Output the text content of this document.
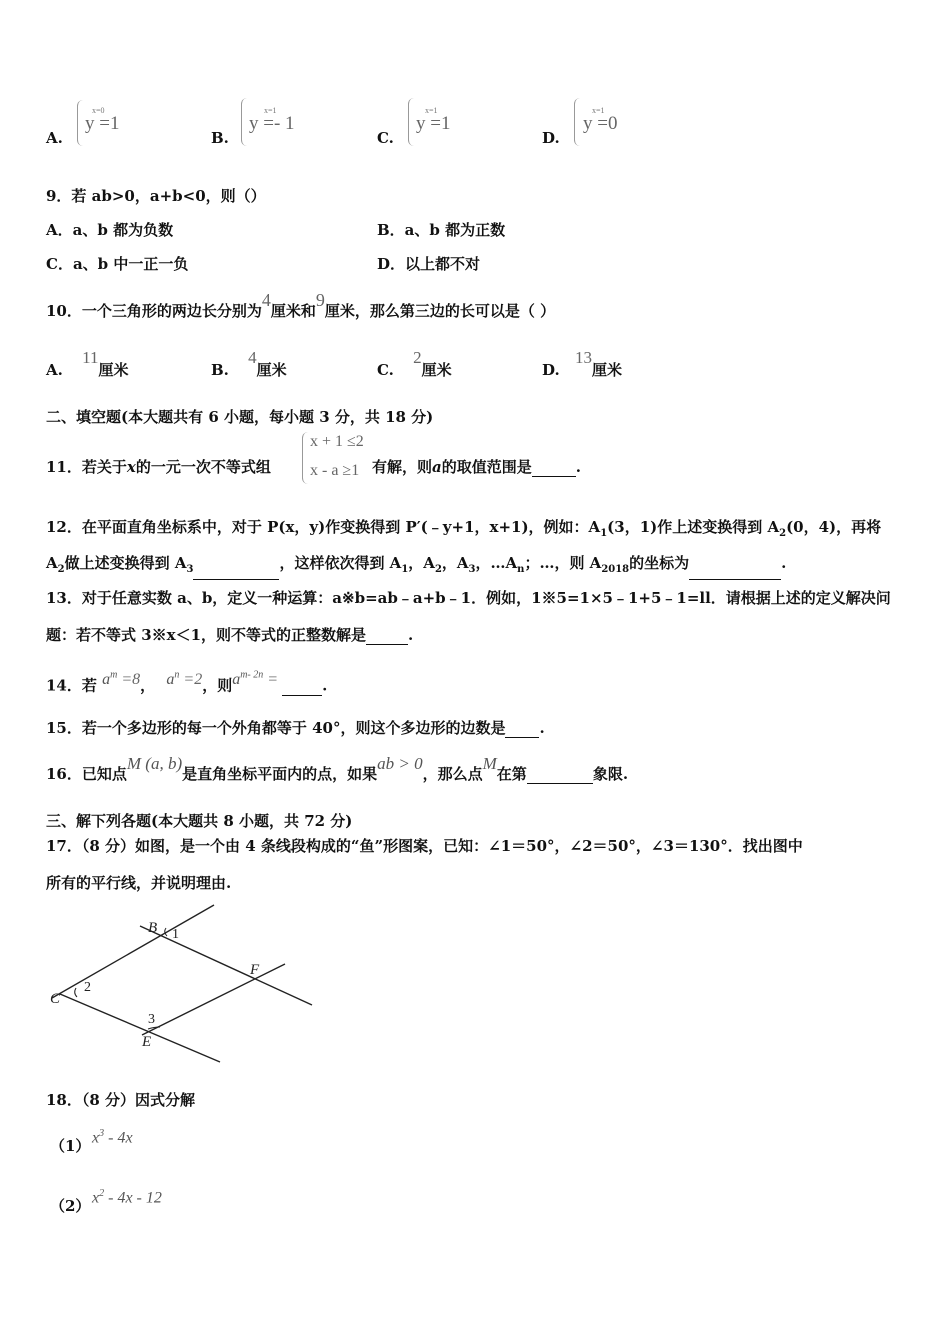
A.
x=0
y =1
B.
x=1
y =- 1
C.
x=1
y =1
D.
x=1
y =0
9．若 ab>0，a+b<0，则（）
A．a、b 都为负数	B．a、b 都为正数
C．a、b 中一正一负	D．以上都不对
10．一个三角形的两边长分别为4厘米和9厘米，那么第三边的长可以是（ ）
A. 11厘米	B. 4厘米	C. 2厘米	D. 13厘米
二、填空题(本大题共有 6 小题，每小题 3 分，共 18 分)
11．若关于x的一元一次不等式组
x + 1 ≤2
x - a ≥1 有解，则a的取值范围是	.
12．在平面直角坐标系中，对于 P(x，y)作变换得到 P′(﹣y+1，x+1)，例如：$A_1(3$，1)作上述变换得到 $A_2(0$，4)，再将
$A_2$做上述变换得到 $A_3$	，这样依次得到 $A_1$，$A_2$，$A_3$，$\dots A_n$；…，则 $A_{2018}$的坐标为	.
13．对于任意实数 a、b，定义一种运算：a※b=ab﹣a+b﹣1．例如，1※5=1×5﹣1+5﹣1=ll．请根据上述的定义解决问
题：若不等式 3※x＜1，则不等式的正整数解是	.
14．若 $a^m =8$， $a^n =2$，则$a^{m- 2n}$ =	.
15．若一个多边形的每一个外角都等于 40°，则这个多边形的边数是 .
16．已知点M (a, b)是直角坐标平面内的点，如果ab > 0，那么点M在第	象限.
三、解下列各题(本大题共 8 小题，共 72 分)
17．（8 分）如图，是一个由 4 条线段构成的“鱼”形图案，已知：∠1＝50°，∠2＝50°，∠3＝130°．找出图中
所有的平行线，并说明理由.
B 1
C
2
F
3
E
18．（8 分）因式分解
（1） $x^3 - 4x$
（2） $x^2 - 4x - 12$
